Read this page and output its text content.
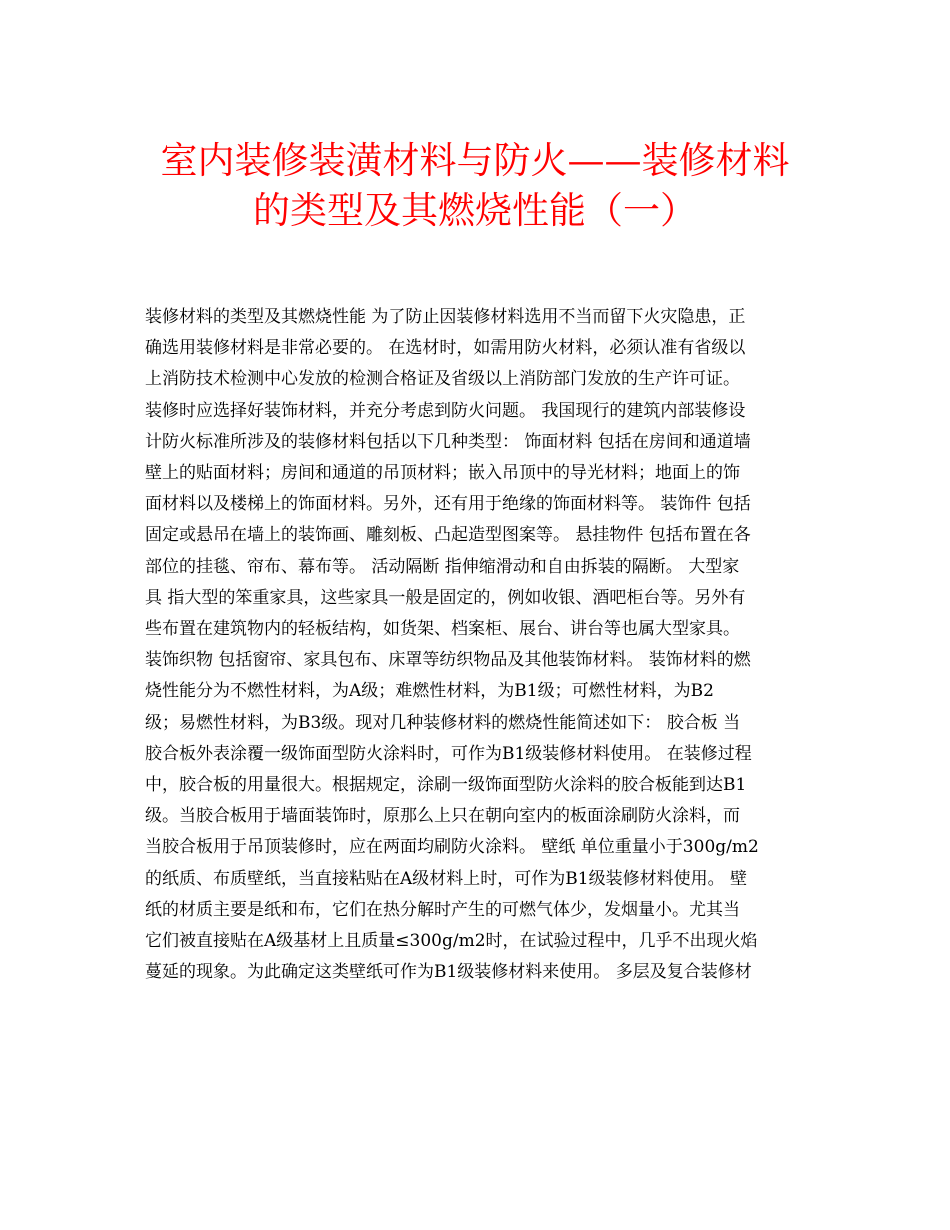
室内装修装潢材料与防火——装修材料
的类型及其燃烧性能（一）
装修材料的类型及其燃烧性能 为了防止因装修材料选用不当而留下火灾隐患，正
确选用装修材料是非常必要的。 在选材时，如需用防火材料，必须认准有省级以
上消防技术检测中心发放的检测合格证及省级以上消防部门发放的生产许可证。
装修时应选择好装饰材料，并充分考虑到防火问题。 我国现行的建筑内部装修设
计防火标准所涉及的装修材料包括以下几种类型： 饰面材料 包括在房间和通道墙
壁上的贴面材料；房间和通道的吊顶材料；嵌入吊顶中的导光材料；地面上的饰
面材料以及楼梯上的饰面材料。另外，还有用于绝缘的饰面材料等。 装饰件 包括
固定或悬吊在墙上的装饰画、雕刻板、凸起造型图案等。 悬挂物件 包括布置在各
部位的挂毯、帘布、幕布等。 活动隔断 指伸缩滑动和自由拆装的隔断。 大型家
具 指大型的笨重家具，这些家具一般是固定的，例如收银、酒吧柜台等。另外有
些布置在建筑物内的轻板结构，如货架、档案柜、展台、讲台等也属大型家具。
装饰织物 包括窗帘、家具包布、床罩等纺织物品及其他装饰材料。 装饰材料的燃
烧性能分为不燃性材料，为A级；难燃性材料，为B1级；可燃性材料，为B2
级；易燃性材料，为B3级。现对几种装修材料的燃烧性能简述如下： 胶合板 当
胶合板外表涂覆一级饰面型防火涂料时，可作为B1级装修材料使用。 在装修过程
中，胶合板的用量很大。根据规定，涂刷一级饰面型防火涂料的胶合板能到达B1
级。当胶合板用于墙面装饰时，原那么上只在朝向室内的板面涂刷防火涂料，而
当胶合板用于吊顶装修时，应在两面均刷防火涂料。 壁纸 单位重量小于300g/m2
的纸质、布质壁纸，当直接粘贴在A级材料上时，可作为B1级装修材料使用。 壁
纸的材质主要是纸和布，它们在热分解时产生的可燃气体少，发烟量小。尤其当
它们被直接贴在A级基材上且质量≤300g/m2时，在试验过程中，几乎不出现火焰
蔓延的现象。为此确定这类壁纸可作为B1级装修材料来使用。 多层及复合装修材
